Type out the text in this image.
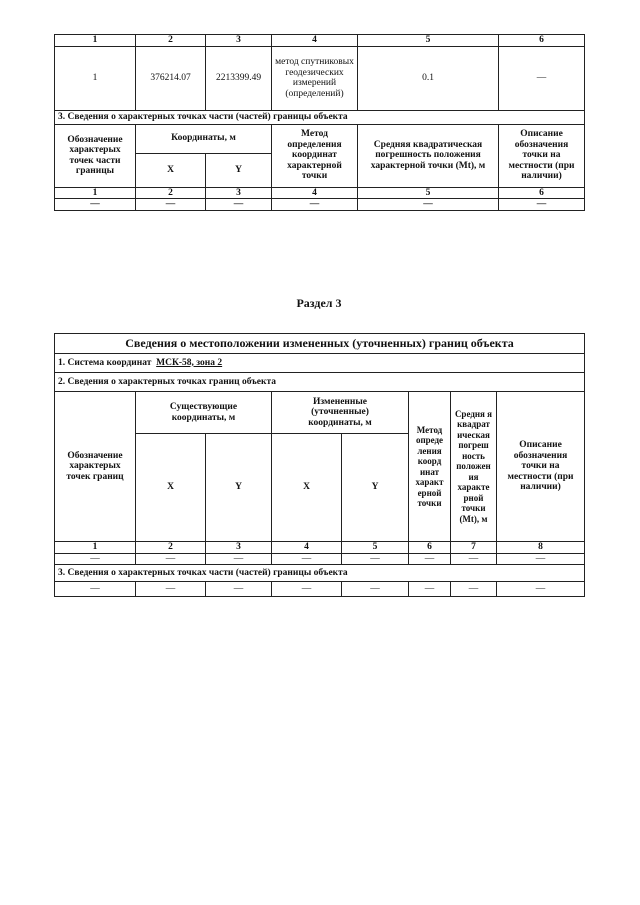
1	2	3	4	5	6
1	376214.07	2213399.49	метод спутниковых геодезических измерений (определений)	0.1	—
3. Сведения о характерных точках части (частей) границы объекта					
Обозначение характерых точек части границы	Координаты, м		Метод определения координат характерной точки	Средняя квадратическая погрешность положения характерной точки (Mt), м	Описание обозначения точки на местности (при наличии)
	X	Y			
1	2	3	4	5	6
—	—	—	—	—	—
Раздел 3
Сведения о местоположении измененных (уточненных) границ объекта							
1. Система координат МСК-58, зона 2							
2. Сведения о характерных точках границ объекта							
Обозначение характерых точек границ	Существующие координаты, м		Измененные (уточненные) координаты, м		Метод опреде ления коорд инат характ ерной точки	Средня я квадрат ическая погреш ность положен ия характе рной точки (Mt), м	Описание обозначения точки на местности (при наличии)
	X	Y	X	Y			
1	2	3	4	5	6	7	8
—	—	—	—	—	—	—	—
3. Сведения о характерных точках части (частей) границы объекта							
—	—	—	—	—	—	—	—
